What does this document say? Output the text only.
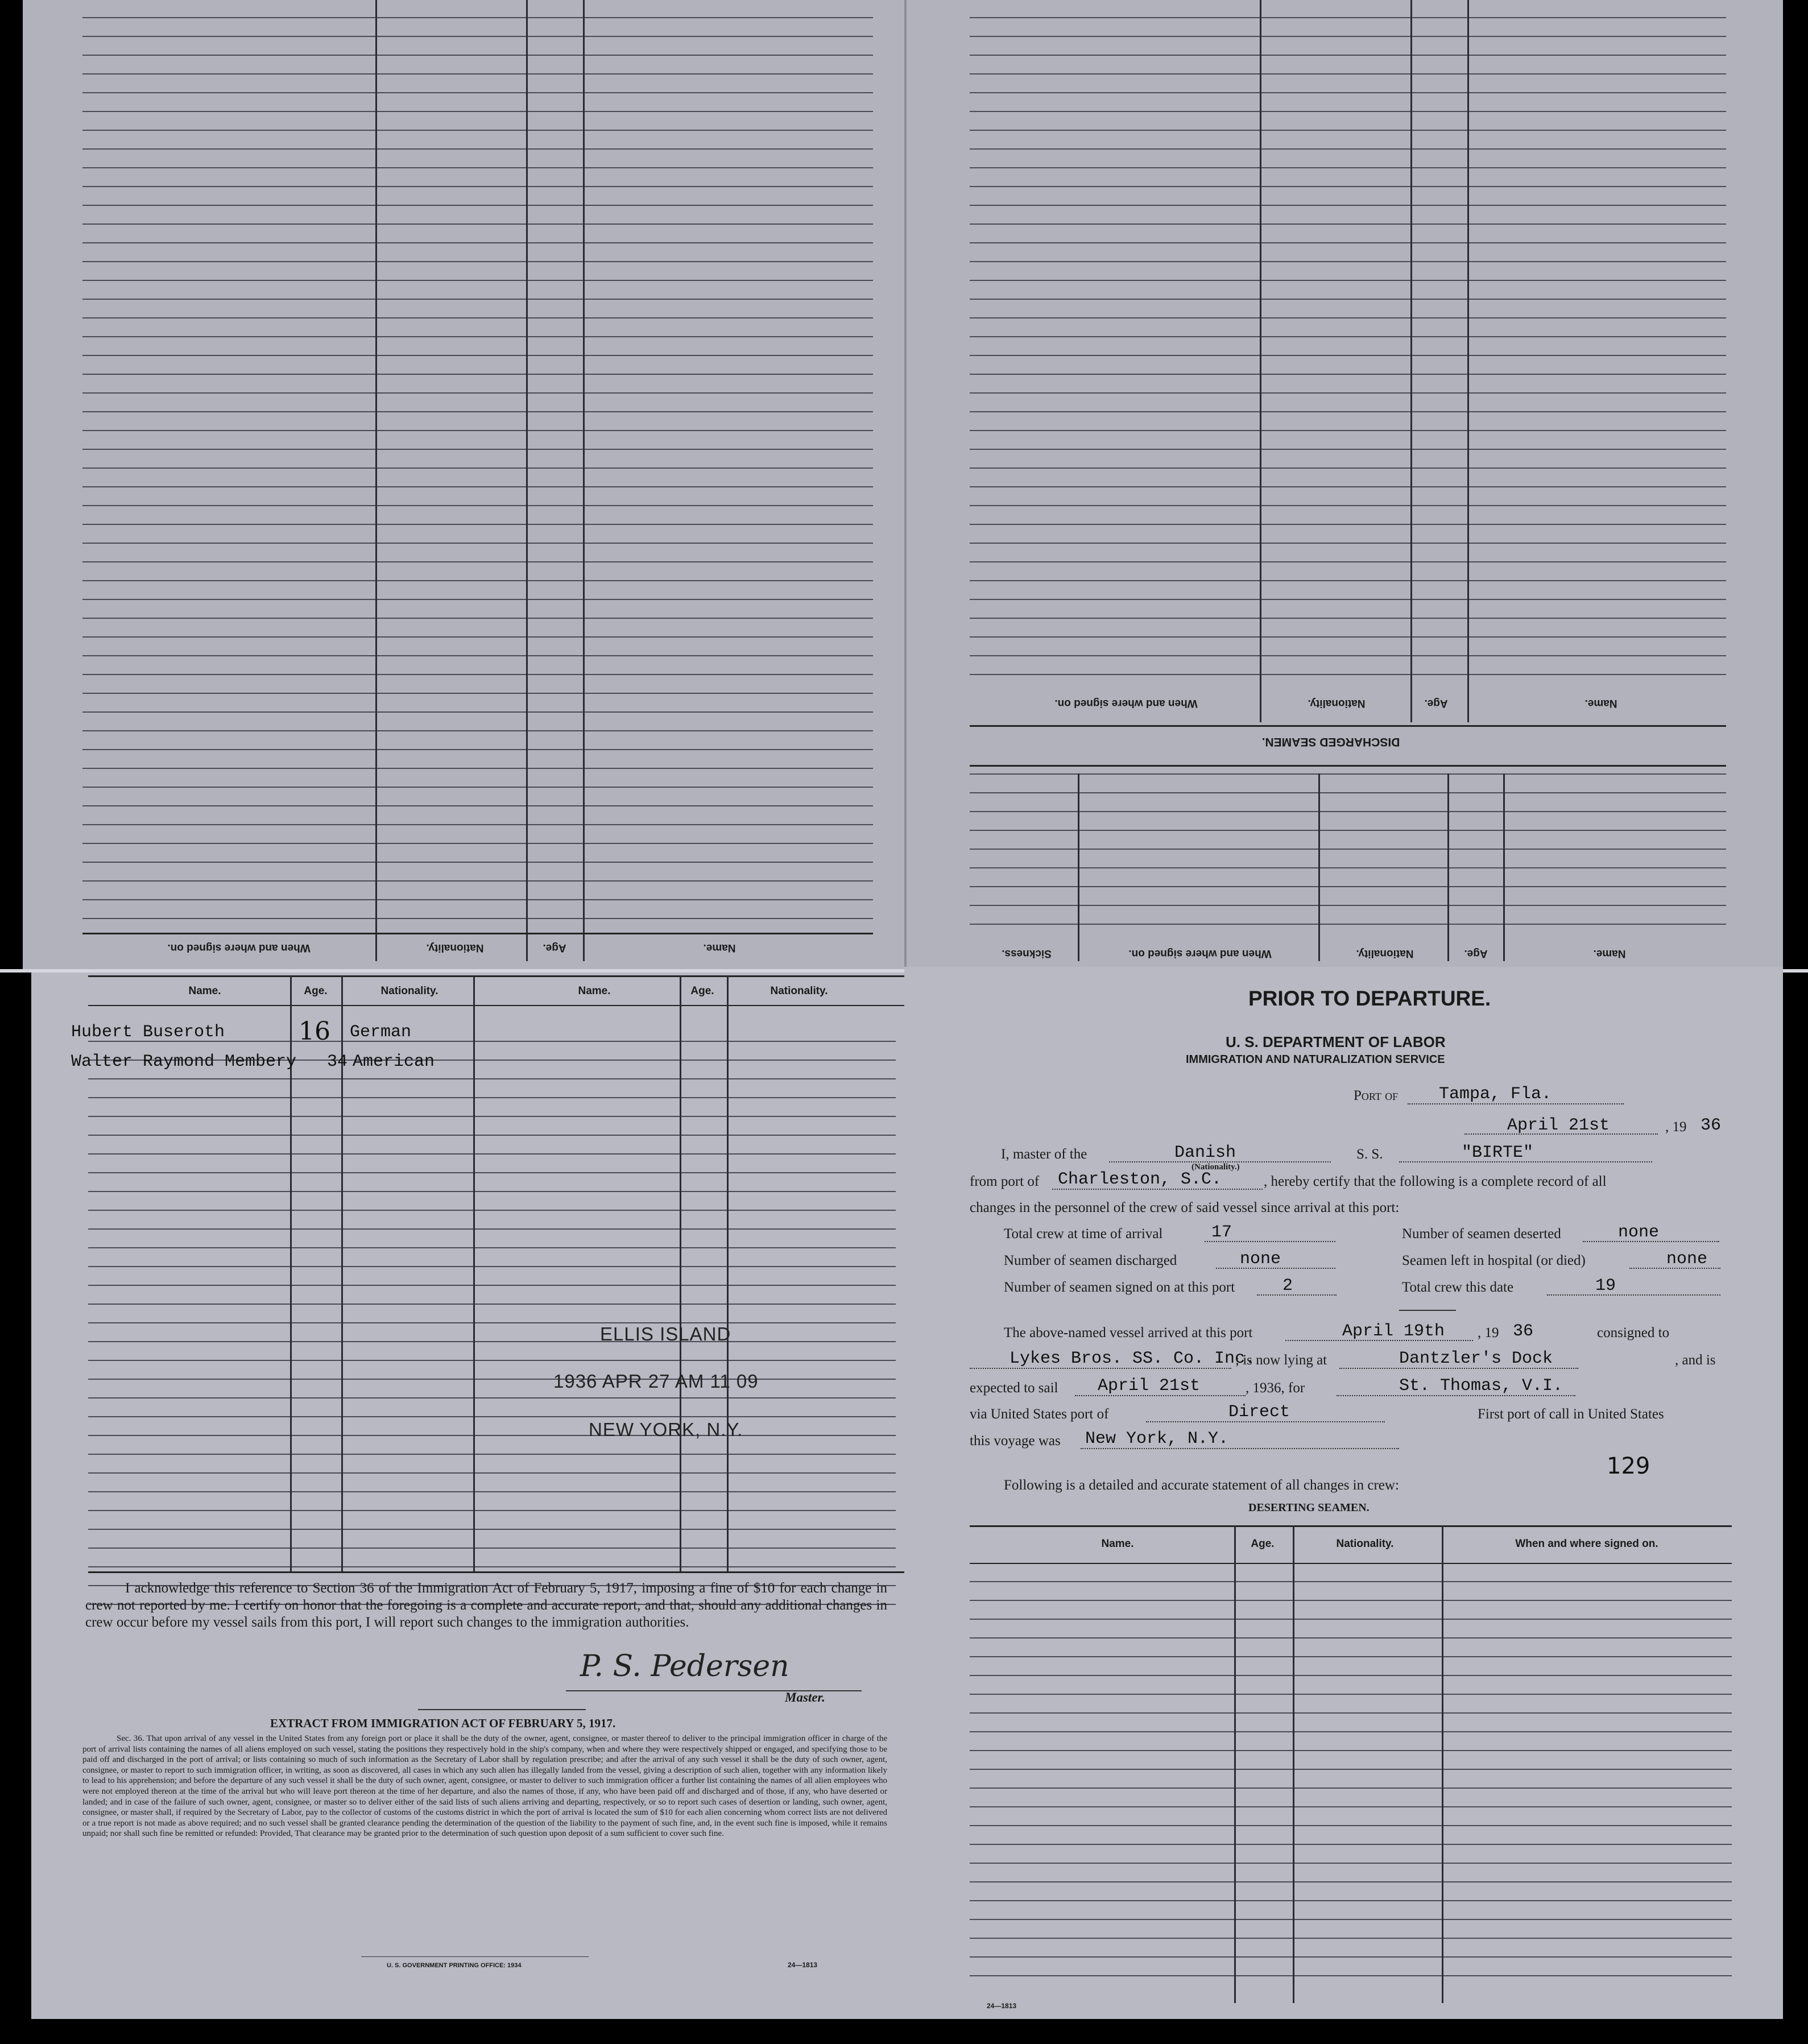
When and where signed on.	Nationality.	Age.	Name.
When and where signed on.	Nationality.	Age.	Name.
DISCHARGED SEAMEN.
Sickness.	When and where signed on.	Nationality.	Age.	Name.
Name.	Age.	Nationality.	Name.	Age.	Nationality.
Hubert Buseroth	16 German
Walter Raymond Membery 34 American
ELLIS ISLAND
1936 APR 27 AM 11 09
NEW YORK, N.Y.
I acknowledge this reference to Section 36 of the Immigration Act of February 5, 1917, imposing a fine of $10 for each change in crew not reported by me. I certify on honor that the foregoing is a complete and accurate report, and that, should any additional changes in crew occur before my vessel sails from this port, I will report such changes to the immigration authorities.
P. S. Pedersen
Master.
EXTRACT FROM IMMIGRATION ACT OF FEBRUARY 5, 1917.
Sec. 36. That upon arrival of any vessel in the United States from any foreign port or place it shall be the duty of the owner, agent, consignee, or master thereof to deliver to the principal immigration officer in charge of the port of arrival lists containing the names of all aliens employed on such vessel, stating the positions they respectively hold in the ship's company, when and where they were respectively shipped or engaged, and specifying those to be paid off and discharged in the port of arrival; or lists containing so much of such information as the Secretary of Labor shall by regulation prescribe; and after the arrival of any such vessel it shall be the duty of such owner, agent, consignee, or master to report to such immigration officer, in writing, as soon as discovered, all cases in which any such alien has illegally landed from the vessel, giving a description of such alien, together with any information likely to lead to his apprehension; and before the departure of any such vessel it shall be the duty of such owner, agent, consignee, or master to deliver to such immigration officer a further list containing the names of all alien employees who were not employed thereon at the time of the arrival but who will leave port thereon at the time of her departure, and also the names of those, if any, who have been paid off and discharged and of those, if any, who have deserted or landed; and in case of the failure of such owner, agent, consignee, or master so to deliver either of the said lists of such aliens arriving and departing, respectively, or so to report such cases of desertion or landing, such owner, agent, consignee, or master shall, if required by the Secretary of Labor, pay to the collector of customs of the customs district in which the port of arrival is located the sum of $10 for each alien concerning whom correct lists are not delivered or a true report is not made as above required; and no such vessel shall be granted clearance pending the determination of the question of the liability to the payment of such fine, and, in the event such fine is imposed, while it remains unpaid; nor shall such fine be remitted or refunded: Provided, That clearance may be granted prior to the determination of such question upon deposit of a sum sufficient to cover such fine.
U. S. GOVERNMENT PRINTING OFFICE: 1934	24—1813
PRIOR TO DEPARTURE.
U. S. DEPARTMENT OF LABOR
IMMIGRATION AND NATURALIZATION SERVICE
Port of Tampa, Fla.
April 21st	, 19 36
I, master of the	Danish
(Nationality.)
S. S.	"BIRTE"
from port of Charleston, S.C.	, hereby certify that the following is a complete record of all
changes in the personnel of the crew of said vessel since arrival at this port:
Total crew at time of arrival	17	Number of seamen deserted	none
Number of seamen discharged	none	Seamen left in hospital (or died)	none
Number of seamen signed on at this port	2	Total crew this date	19
The above-named vessel arrived at this port	April 19th , 19 36	consigned to
Lykes Bros. SS. Co. Inc.
; is now lying at	Dantzler's Dock	, and is
expected to sail April 21st	, 1936, for	St. Thomas, V.I.
via United States port of	Direct	First port of call in United States
this voyage was New York, N.Y.
129
Following is a detailed and accurate statement of all changes in crew:
DESERTING SEAMEN.
Name.	Age.	Nationality.	When and where signed on.
24—1813
